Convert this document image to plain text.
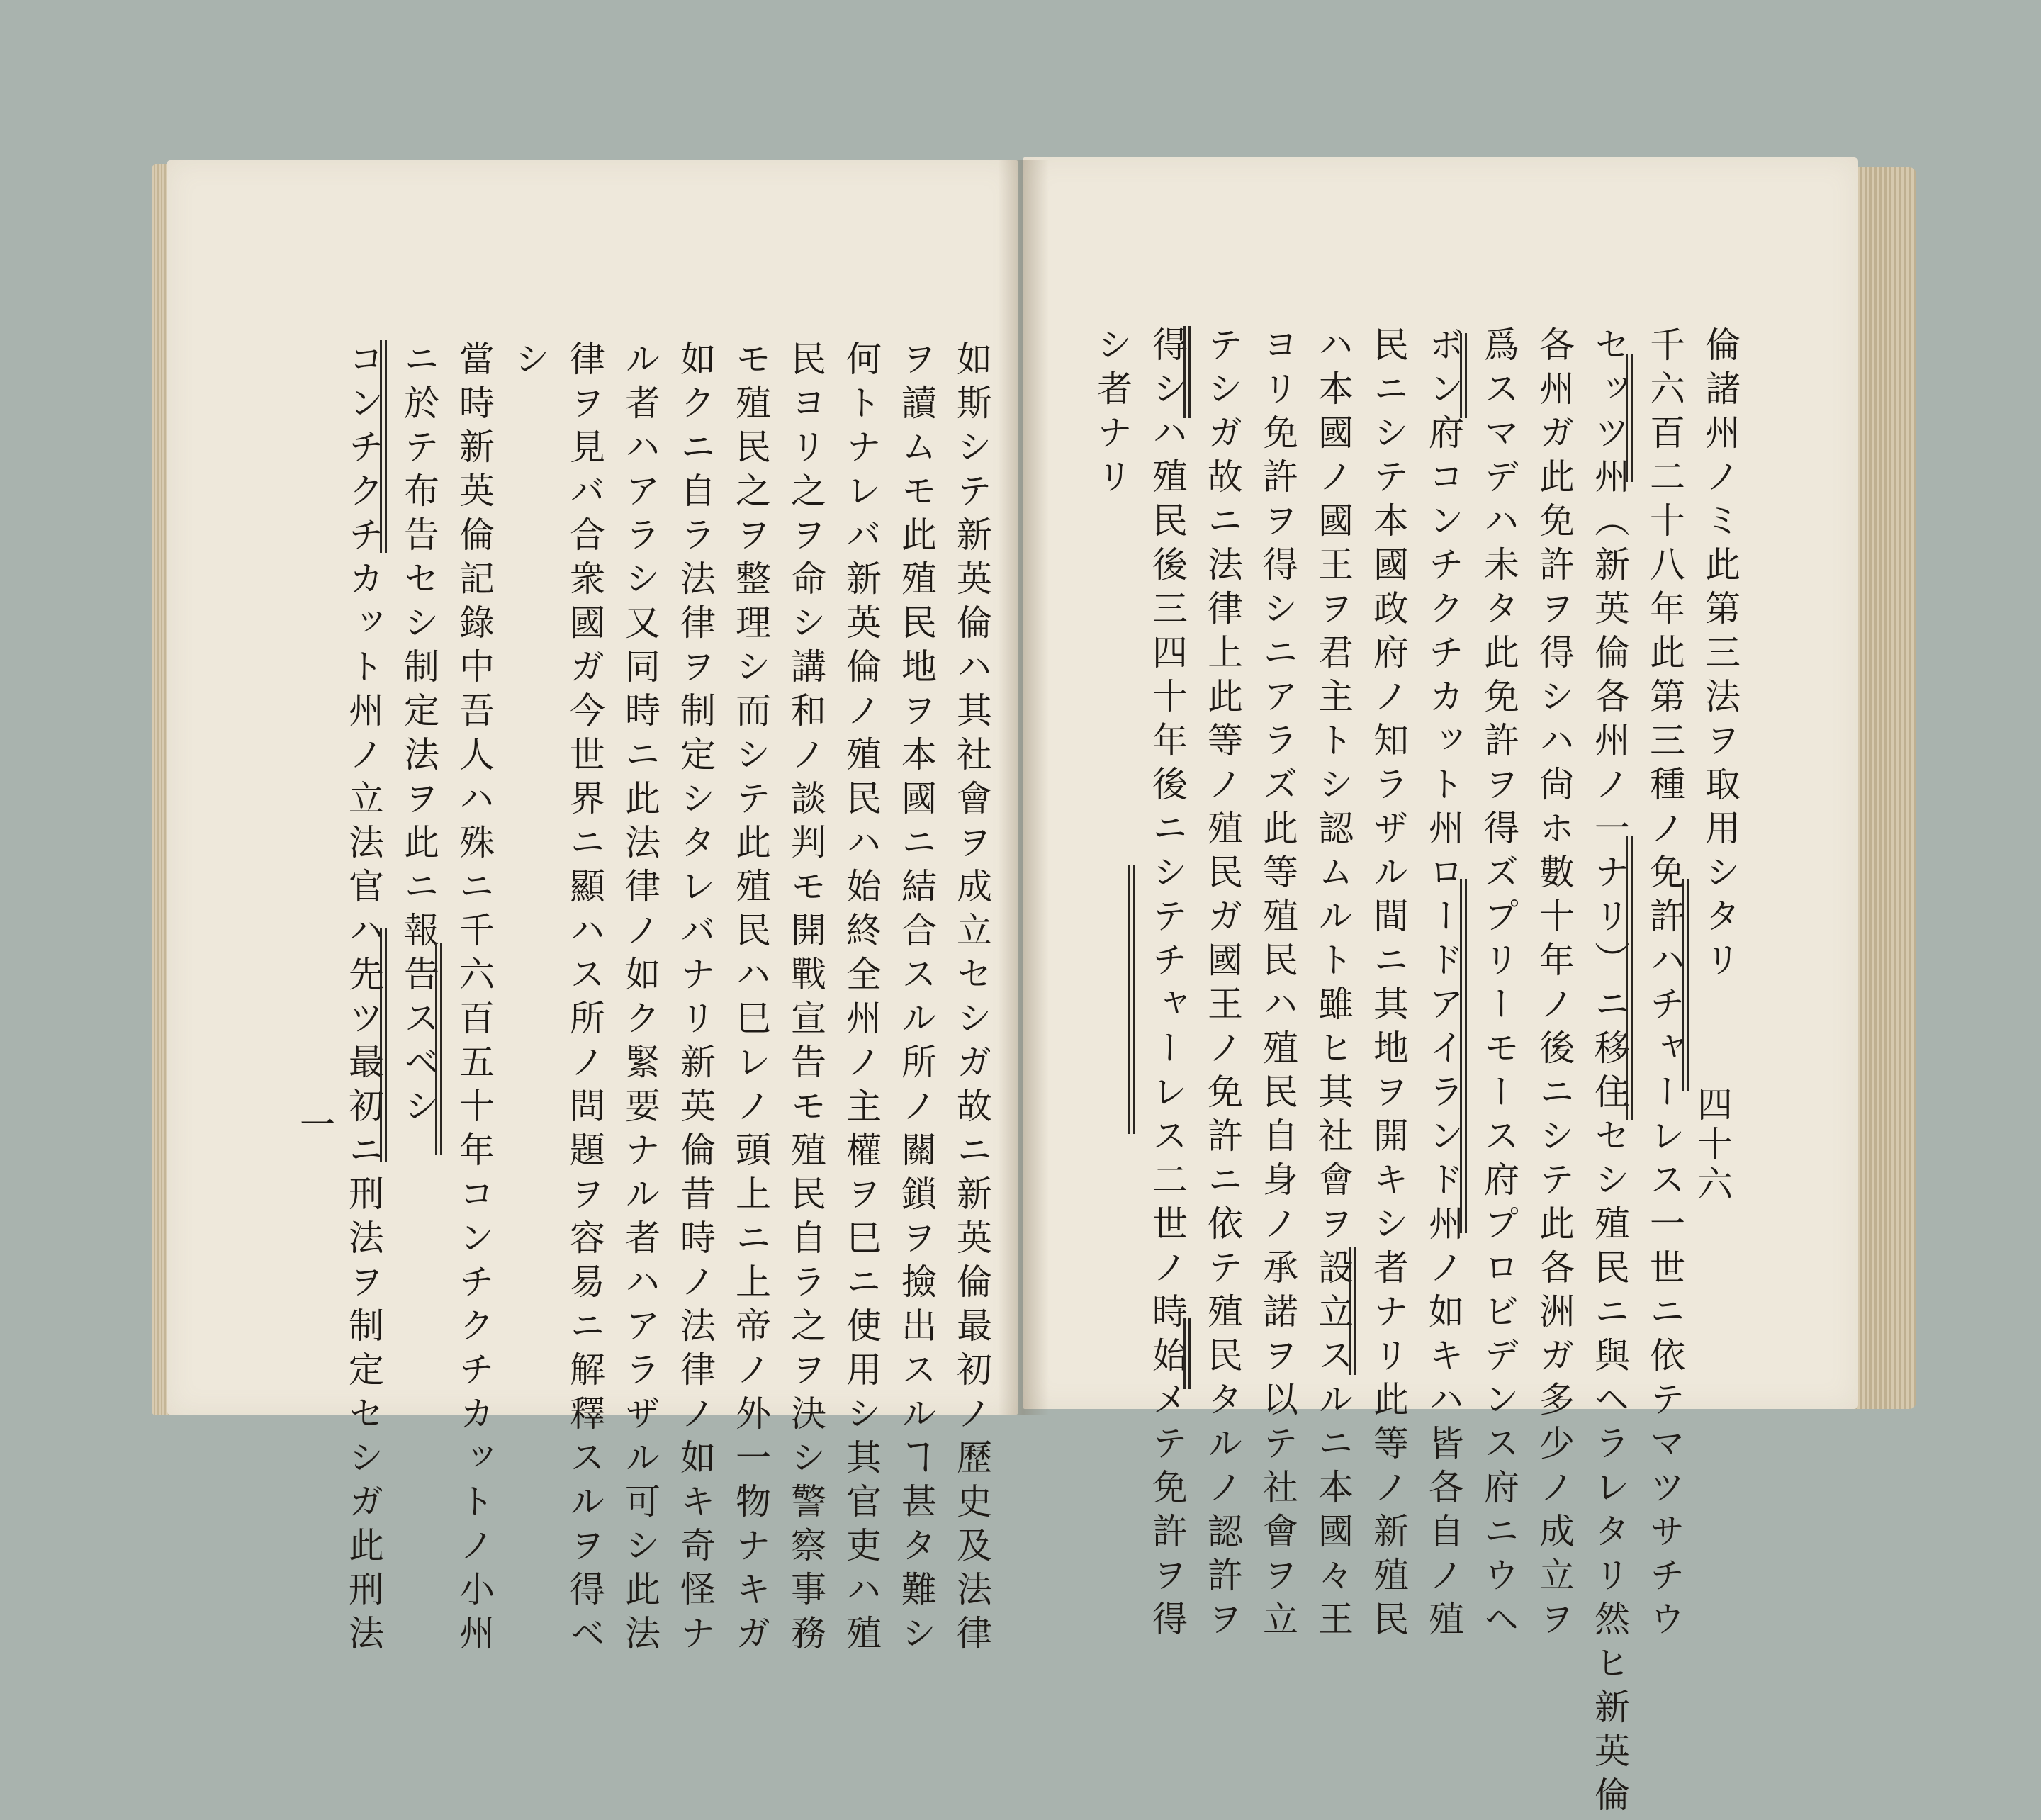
四十六

倫諸州ノミ此第三法ヲ取用シタリ

千六百二十八年此第三種ノ免許ハチャーレス一世ニ依テマツサチウ

セッツ州（新英倫各州ノ一ナリ）ニ移住セシ殖民ニ與ヘラレタリ然ヒ新英倫

各州ガ此免許ヲ得シハ尙ホ數十年ノ後ニシテ此各洲ガ多少ノ成立ヲ

爲スマデハ未タ此免許ヲ得ズプリーモース府プロビデンス府ニウヘ

ボン府コンチクチカット州ロードアイランド州ノ如キハ皆各自ノ殖

民ニシテ本國政府ノ知ラザル間ニ其地ヲ開キシ者ナリ此等ノ新殖民

ハ本國ノ國王ヲ君主トシ認ムルト雖ヒ其社會ヲ設立スルニ本國々王

ヨリ免許ヲ得シニアラズ此等殖民ハ殖民自身ノ承諾ヲ以テ社會ヲ立

テシガ故ニ法律上此等ノ殖民ガ國王ノ免許ニ依テ殖民タルノ認許ヲ

得シハ殖民後三四十年後ニシテチャーレス二世ノ時始メテ免許ヲ得

シ者ナリ

一	如斯シテ新英倫ハ其社會ヲ成立セシガ故ニ新英倫最初ノ歷史及法律

ヲ讀ムモ此殖民地ヲ本國ニ結合スル所ノ關鎖ヲ撿出スルヿ甚タ難シ

何トナレバ新英倫ノ殖民ハ始終全州ノ主權ヲ巳ニ使用シ其官吏ハ殖

民ヨリ之ヲ命シ講和ノ談判モ開戰宣告モ殖民自ラ之ヲ決シ警察事務

モ殖民之ヲ整理シ而シテ此殖民ハ巳レノ頭上ニ上帝ノ外一物ナキガ

如クニ自ラ法律ヲ制定シタレバナリ新英倫昔時ノ法律ノ如キ奇怪ナ

ル者ハアラシ又同時ニ此法律ノ如ク緊要ナル者ハアラザル可シ此法

律ヲ見バ合衆國ガ今世界ニ顯ハス所ノ問題ヲ容易ニ解釋スルヲ得ベ

シ

當時新英倫記錄中吾人ハ殊ニ千六百五十年コンチクチカットノ小州

ニ於テ布告セシ制定法ヲ此ニ報告スベシ

コンチクチカット州ノ立法官ハ先ツ最初ニ刑法ヲ制定セシガ此刑法
